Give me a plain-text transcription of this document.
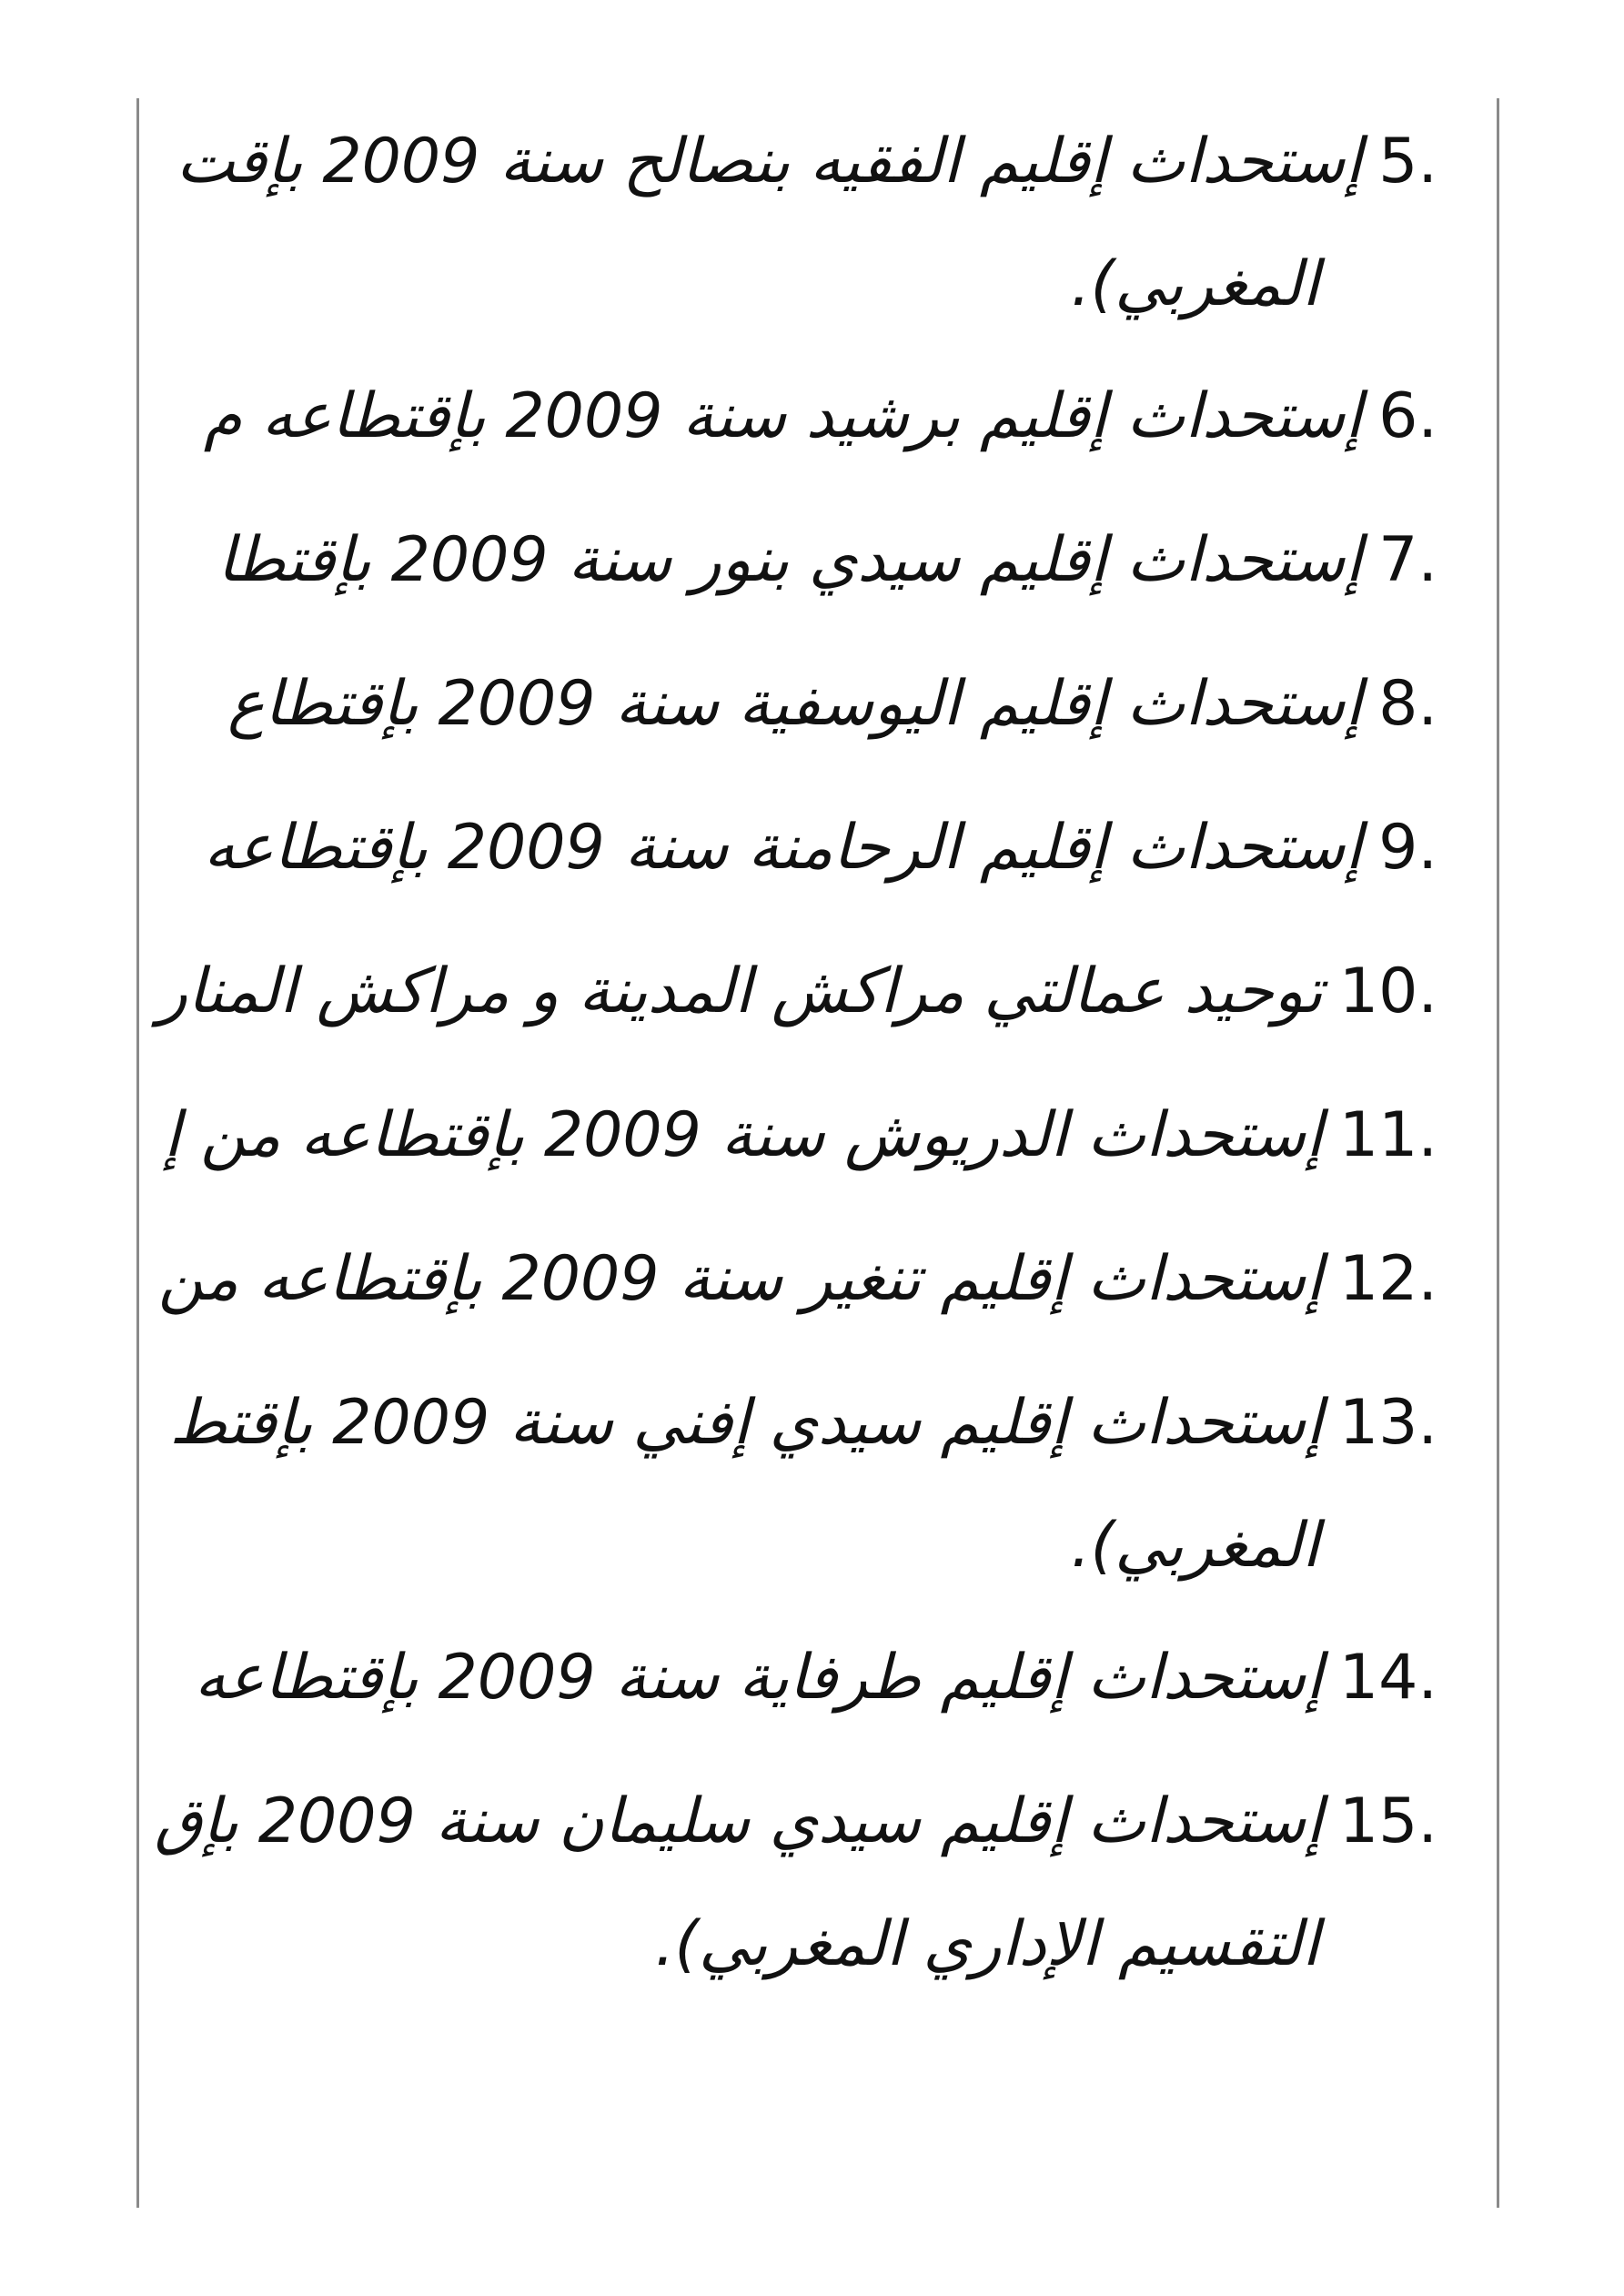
5.
إستحداث إقليم الفقيه بنصالح سنة 2009 بإقت
المغربي).
6.
إستحداث إقليم برشيد سنة 2009 بإقتطاعه م
7.
إستحداث إقليم سيدي بنور سنة 2009 بإقتطا
8.
إستحداث إقليم اليوسفية سنة 2009 بإقتطاع
9.
إستحداث إقليم الرحامنة سنة 2009 بإقتطاعه
10.
توحيد عمالتي مراكش المدينة و مراكش المنار
11.
إستحداث الدريوش سنة 2009 بإقتطاعه من إ
12.
إستحداث إقليم تنغير سنة 2009 بإقتطاعه من
13.
إستحداث إقليم سيدي إفني سنة 2009 بإقتط
المغربي).
14.
إستحداث إقليم طرفاية سنة 2009 بإقتطاعه
15.
إستحداث إقليم سيدي سليمان سنة 2009 بإق
التقسيم الإداري المغربي).
